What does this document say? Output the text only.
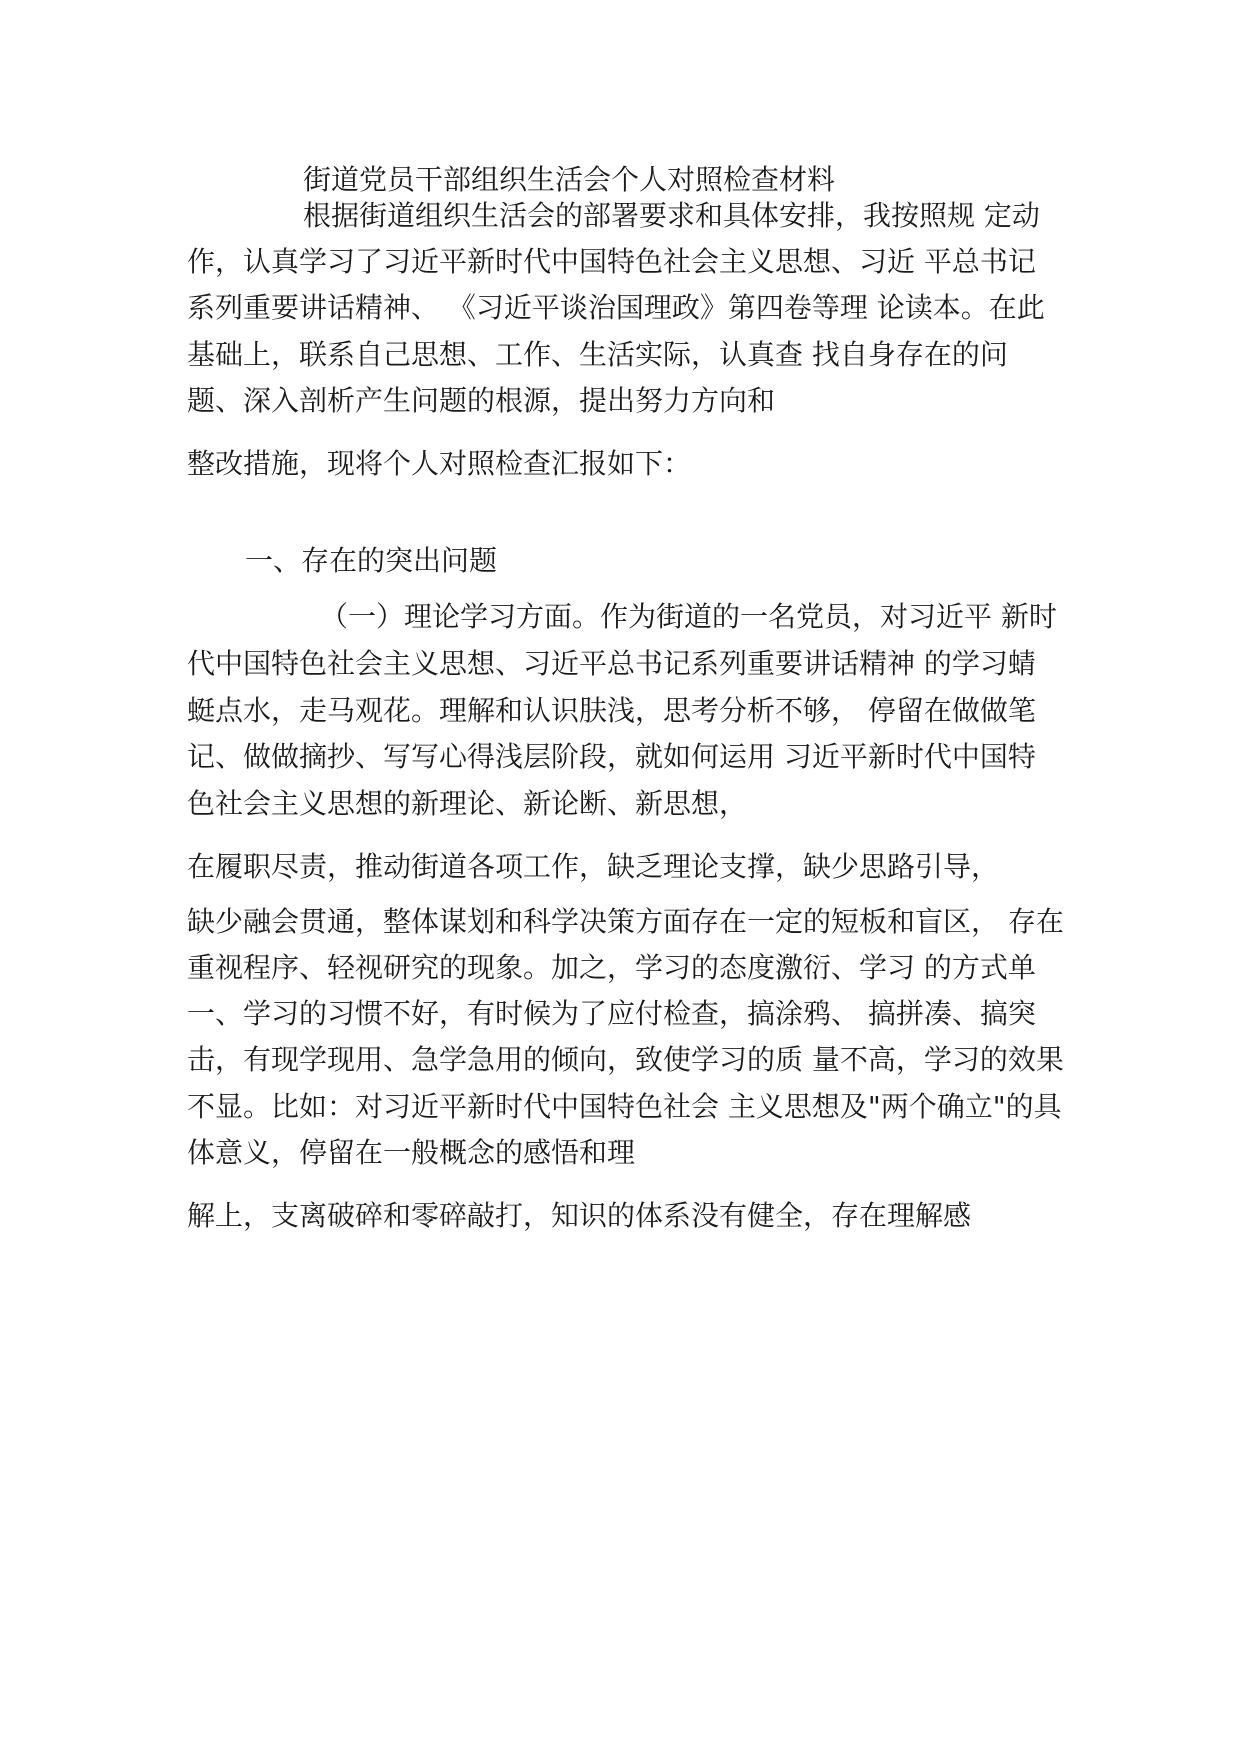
街道党员干部组织生活会个人对照检查材料
根据街道组织生活会的部署要求和具体安排，我按照规 定动
作，认真学习了习近平新时代中国特色社会主义思想、习近 平总书记
系列重要讲话精神、 《习近平谈治国理政》第四卷等理 论读本。在此
基础上，联系自己思想、工作、生活实际，认真查 找自身存在的问
题、深入剖析产生问题的根源，提出努力方向和
整改措施，现将个人对照检查汇报如下：
一、存在的突出问题
（一）理论学习方面。作为街道的一名党员，对习近平 新时
代中国特色社会主义思想、习近平总书记系列重要讲话精神 的学习蜻
蜓点水，走马观花。理解和认识肤浅，思考分析不够， 停留在做做笔
记、做做摘抄、写写心得浅层阶段，就如何运用 习近平新时代中国特
色社会主义思想的新理论、新论断、新思想，
在履职尽责，推动街道各项工作，缺乏理论支撑，缺少思路引导，
缺少融会贯通，整体谋划和科学决策方面存在一定的短板和盲区， 存在
重视程序、轻视研究的现象。加之，学习的态度激衍、学习 的方式单
一、学习的习惯不好，有时候为了应付检查，搞涂鸦、 搞拼凑、搞突
击，有现学现用、急学急用的倾向，致使学习的质 量不高，学习的效果
不显。比如：对习近平新时代中国特色社会 主义思想及"两个确立"的具
体意义，停留在一般概念的感悟和理
解上，支离破碎和零碎敲打，知识的体系没有健全，存在理解感
